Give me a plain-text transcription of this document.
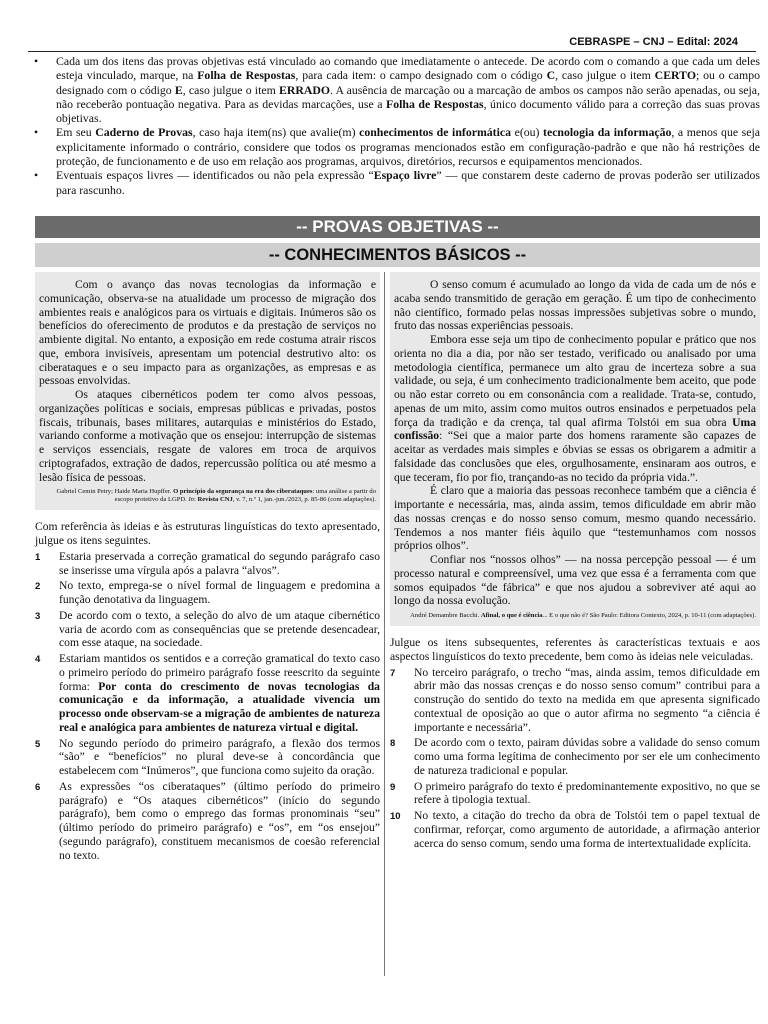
CEBRASPE – CNJ – Edital: 2024
• Cada um dos itens das provas objetivas está vinculado ao comando que imediatamente o antecede. De acordo com o comando a que cada um deles esteja vinculado, marque, na Folha de Respostas, para cada item: o campo designado com o código C, caso julgue o item CERTO; ou o campo designado com o código E, caso julgue o item ERRADO. A ausência de marcação ou a marcação de ambos os campos não serão apenadas, ou seja, não receberão pontuação negativa. Para as devidas marcações, use a Folha de Respostas, único documento válido para a correção das suas provas objetivas.
• Em seu Caderno de Provas, caso haja item(ns) que avalie(m) conhecimentos de informática e(ou) tecnologia da informação, a menos que seja explicitamente informado o contrário, considere que todos os programas mencionados estão em configuração-padrão e que não há restrições de proteção, de funcionamento e de uso em relação aos programas, arquivos, diretórios, recursos e equipamentos mencionados.
• Eventuais espaços livres — identificados ou não pela expressão “Espaço livre” — que constarem deste caderno de provas poderão ser utilizados para rascunho.
-- PROVAS OBJETIVAS --
-- CONHECIMENTOS BÁSICOS --

Com o avanço das novas tecnologias da informação e comunicação, observa-se na atualidade um processo de migração dos ambientes reais e analógicos para os virtuais e digitais. Inúmeros são os benefícios do oferecimento de produtos e da prestação de serviços no ambiente digital. No entanto, a exposição em rede costuma atrair riscos que, embora invisíveis, apresentam um potencial destrutivo alto: os ciberataques e o seu impacto para as organizações, as empresas e as pessoas envolvidas.

Os ataques cibernéticos podem ter como alvos pessoas, organizações políticas e sociais, empresas públicas e privadas, postos fiscais, tribunais, bases militares, autarquias e ministérios do Estado, variando conforme a motivação que os ensejou: interrupção de sistemas e serviços essenciais, resgate de valores em troca de arquivos criptografados, extração de dados, repercussão política ou até mesmo a lesão física de pessoas.

Gabriel Cemin Petry; Haide Maria Hupffer. O princípio da segurança na era dos ciberataques: uma análise a partir do escopo protetivo da LGPD. In: Revista CNJ, v. 7, n.º 1, jan.-jun./2023, p. 85-86 (com adaptações).

Com referência às ideias e às estruturas linguísticas do texto apresentado, julgue os itens seguintes.

1 Estaria preservada a correção gramatical do segundo parágrafo caso se inserisse uma vírgula após a palavra “alvos”.
2 No texto, emprega-se o nível formal de linguagem e predomina a função denotativa da linguagem.
3 De acordo com o texto, a seleção do alvo de um ataque cibernético varia de acordo com as consequências que se pretende desencadear, com esse ataque, na sociedade.
4 Estariam mantidos os sentidos e a correção gramatical do texto caso o primeiro período do primeiro parágrafo fosse reescrito da seguinte forma: Por conta do crescimento de novas tecnologias da comunicação e da informação, a atualidade vivencia um processo onde observam-se a migração de ambientes de natureza real e analógica para ambientes de natureza virtual e digital.
5 No segundo período do primeiro parágrafo, a flexão dos termos “são” e “benefícios” no plural deve-se à concordância que estabelecem com “Inúmeros”, que funciona como sujeito da oração.
6 As expressões “os ciberataques” (último período do primeiro parágrafo) e “Os ataques cibernéticos” (início do segundo parágrafo), bem como o emprego das formas pronominais “seu” (último período do primeiro parágrafo) e “os”, em “os ensejou” (segundo parágrafo), constituem mecanismos de coesão referencial no texto.

O senso comum é acumulado ao longo da vida de cada um de nós e acaba sendo transmitido de geração em geração. É um tipo de conhecimento não científico, formado pelas nossas impressões subjetivas sobre o mundo, fruto das nossas experiências pessoais.

Embora esse seja um tipo de conhecimento popular e prático que nos orienta no dia a dia, por não ser testado, verificado ou analisado por uma metodologia científica, permanece um alto grau de incerteza sobre a sua validade, ou seja, é um conhecimento tradicionalmente bem aceito, que pode ou não estar correto ou em consonância com a realidade. Trata-se, contudo, apenas de um mito, assim como muitos outros ensinados e perpetuados pela força da tradição e da crença, tal qual afirma Tolstói em sua obra Uma confissão: “Sei que a maior parte dos homens raramente são capazes de aceitar as verdades mais simples e óbvias se essas os obrigarem a admitir a falsidade das conclusões que eles, orgulhosamente, ensinaram aos outros, e que teceram, fio por fio, trançando-as no tecido da própria vida.”.

É claro que a maioria das pessoas reconhece também que a ciência é importante e necessária, mas, ainda assim, temos dificuldade em abrir mão das nossas crenças e do nosso senso comum, mesmo quando necessário. Tendemos a nos manter fiéis àquilo que “testemunhamos com nossos próprios olhos”.

Confiar nos “nossos olhos” — na nossa percepção pessoal — é um processo natural e compreensível, uma vez que essa é a ferramenta com que somos equipados “de fábrica” e que nos ajudou a sobreviver até aqui ao longo da nossa evolução.

André Demambre Bacchi. Afinal, o que é ciência... E o que não é? São Paulo: Editora Contexto, 2024, p. 10-11 (com adaptações).

Julgue os itens subsequentes, referentes às características textuais e aos aspectos linguísticos do texto precedente, bem como às ideias nele veiculadas.

7 No terceiro parágrafo, o trecho “mas, ainda assim, temos dificuldade em abrir mão das nossas crenças e do nosso senso comum” contribui para a construção do sentido do texto na medida em que apresenta significado contextual de oposição ao que o autor afirma no segmento “a ciência é importante e necessária”.
8 De acordo com o texto, pairam dúvidas sobre a validade do senso comum como uma forma legítima de conhecimento por ser ele um conhecimento de natureza tradicional e popular.
9 O primeiro parágrafo do texto é predominantemente expositivo, no que se refere à tipologia textual.
10 No texto, a citação do trecho da obra de Tolstói tem o papel textual de confirmar, reforçar, como argumento de autoridade, a afirmação anterior acerca do senso comum, sendo uma forma de intertextualidade explícita.
